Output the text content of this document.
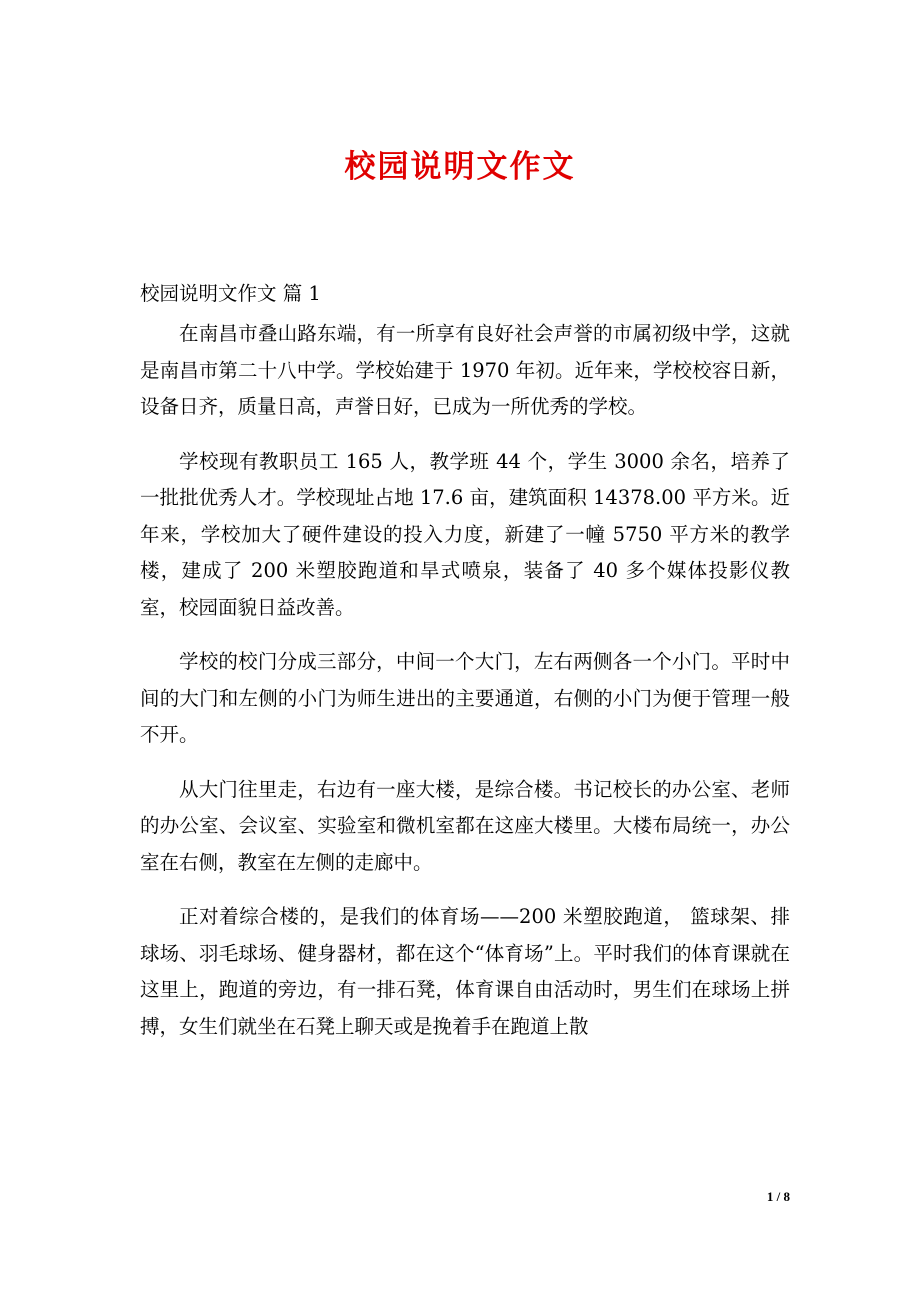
校园说明文作文

校园说明文作文 篇 1

在南昌市叠山路东端，有一所享有良好社会声誉的市属初级中学，这就是南昌市第二十八中学。学校始建于 1970 年初。近年来，学校校容日新，设备日齐，质量日高，声誉日好，已成为一所优秀的学校。

学校现有教职员工 165 人，教学班 44 个，学生 3000 余名，培养了一批批优秀人才。学校现址占地 17.6 亩，建筑面积 14378.00 平方米。近年来，学校加大了硬件建设的投入力度，新建了一幢 5750 平方米的教学楼，建成了 200 米塑胶跑道和旱式喷泉，装备了 40 多个媒体投影仪教室，校园面貌日益改善。

学校的校门分成三部分，中间一个大门，左右两侧各一个小门。平时中间的大门和左侧的小门为师生进出的主要通道，右侧的小门为便于管理一般不开。

从大门往里走，右边有一座大楼，是综合楼。书记校长的办公室、老师的办公室、会议室、实验室和微机室都在这座大楼里。大楼布局统一，办公室在右侧，教室在左侧的走廊中。

正对着综合楼的，是我们的体育场——200 米塑胶跑道， 篮球架、排球场、羽毛球场、健身器材，都在这个“体育场”上。平时我们的体育课就在这里上，跑道的旁边，有一排石凳，体育课自由活动时，男生们在球场上拼搏，女生们就坐在石凳上聊天或是挽着手在跑道上散

1 / 8
